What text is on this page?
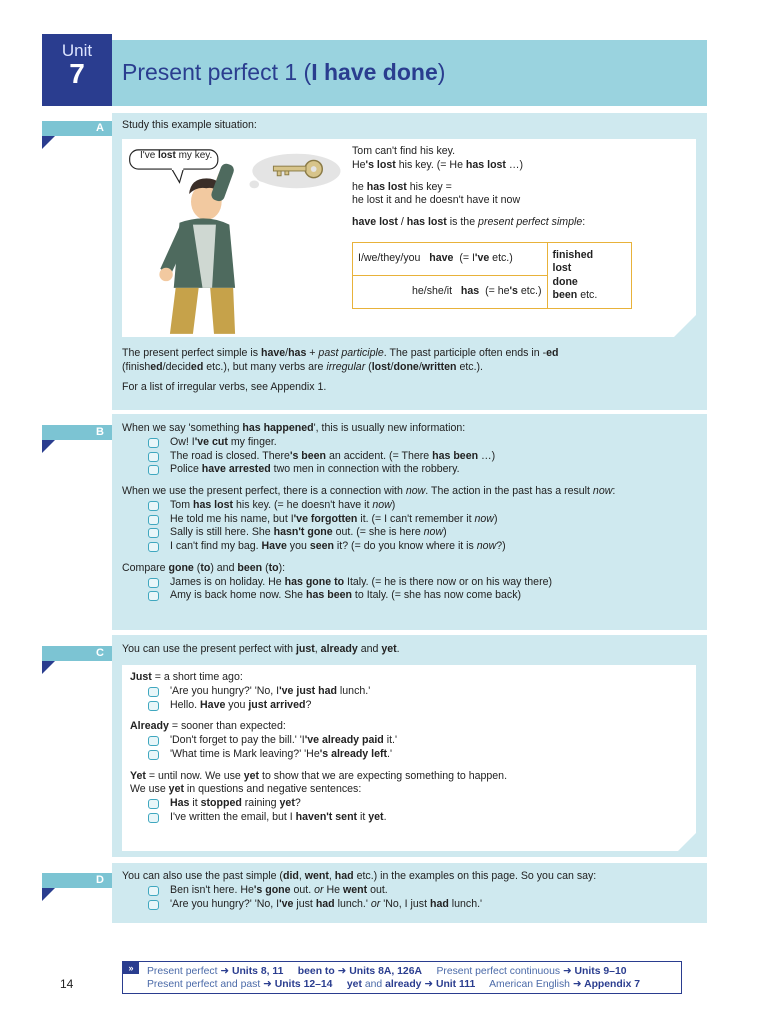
Unit
7	Present perfect 1 (I have done)
A	Study this example situation:
I've lost my key.	Tom can't find his key.
He's lost his key. (= He has lost …)
he has lost his key =
he lost it and he doesn't have it now
have lost / has lost is the present perfect simple:
I/we/they/you have (= I've etc.)	finished
lost
done
been etc.

he/she/it has (= he's etc.)
The present perfect simple is have/has + past participle. The past participle often ends in -ed
(finished/decided etc.), but many verbs are irregular (lost/done/written etc.).
For a list of irregular verbs, see Appendix 1.
B	When we say 'something has happened', this is usually new information:
Ow! I've cut my finger.
The road is closed. There's been an accident. (= There has been …)
Police have arrested two men in connection with the robbery.
When we use the present perfect, there is a connection with now. The action in the past has a result now:
Tom has lost his key. (= he doesn't have it now)
He told me his name, but I've forgotten it. (= I can't remember it now)
Sally is still here. She hasn't gone out. (= she is here now)
I can't find my bag. Have you seen it? (= do you know where it is now?)
Compare gone (to) and been (to):
James is on holiday. He has gone to Italy. (= he is there now or on his way there)
Amy is back home now. She has been to Italy. (= she has now come back)
C	You can use the present perfect with just, already and yet.
Just = a short time ago:
'Are you hungry?' 'No, I've just had lunch.'
Hello. Have you just arrived?
Already = sooner than expected:
'Don't forget to pay the bill.' 'I've already paid it.'
'What time is Mark leaving?' 'He's already left.'
Yet = until now. We use yet to show that we are expecting something to happen.
We use yet in questions and negative sentences:
Has it stopped raining yet?
I've written the email, but I haven't sent it yet.
D	You can also use the past simple (did, went, had etc.) in the examples on this page. So you can say:
Ben isn't here. He's gone out. or He went out.
'Are you hungry?' 'No, I've just had lunch.' or 'No, I just had lunch.'
14
»	Present perfect ➜ Units 8, 11 been to ➜ Units 8A, 126A Present perfect continuous ➜ Units 9–10
Present perfect and past ➜ Units 12–14 yet and already ➜ Unit 111 American English ➜ Appendix 7
